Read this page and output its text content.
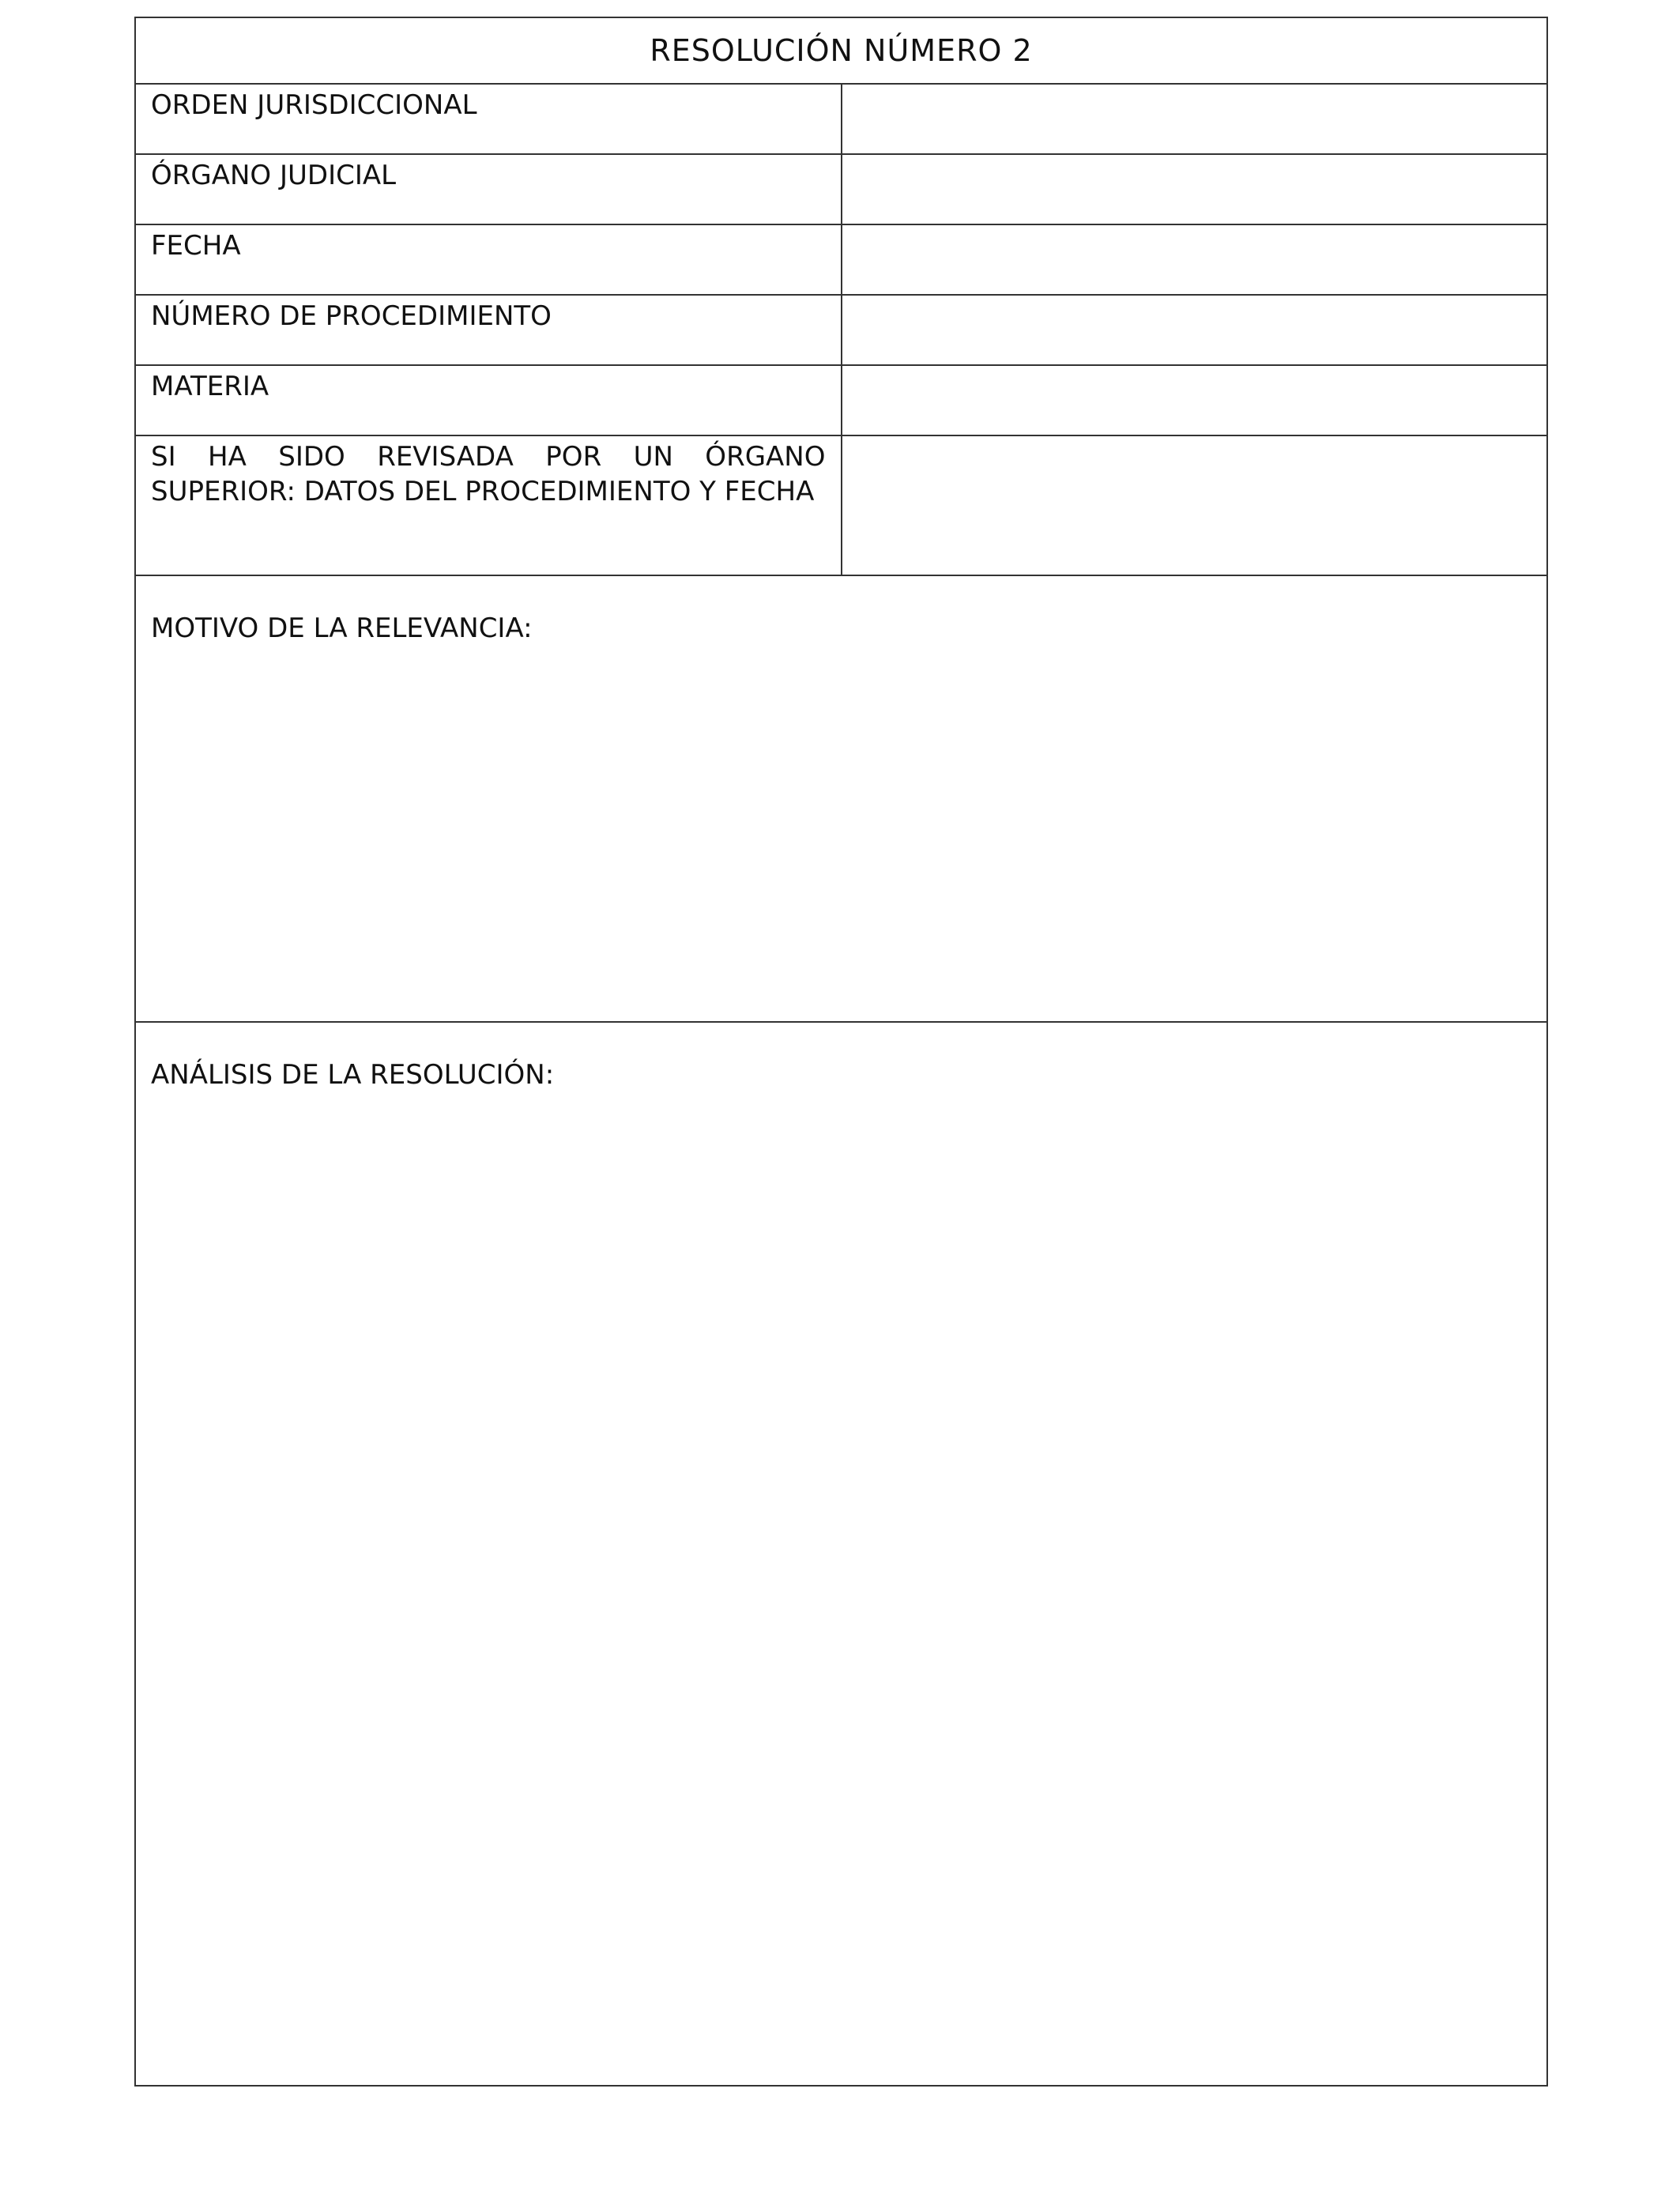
RESOLUCIÓN NÚMERO 2	
ORDEN JURISDICCIONAL	
ÓRGANO JUDICIAL	
FECHA	
NÚMERO DE PROCEDIMIENTO	
MATERIA	
SI HA SIDO REVISADA POR UN ÓRGANO SUPERIOR: DATOS DEL PROCEDIMIENTO Y FECHA	

MOTIVO DE LA RELEVANCIA:	

ANÁLISIS DE LA RESOLUCIÓN:	
